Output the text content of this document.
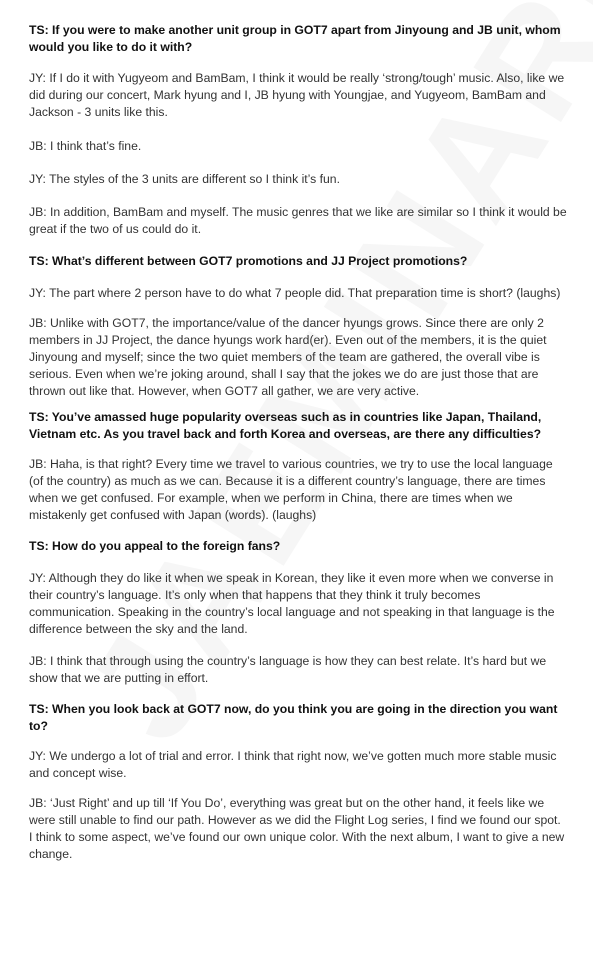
TS: If you were to make another unit group in GOT7 apart from Jinyoung and JB unit, whom would you like to do it with?

JY: If I do it with Yugyeom and BamBam, I think it would be really ‘strong/tough’ music. Also, like we did during our concert, Mark hyung and I, JB hyung with Youngjae, and Yugyeom, BamBam and Jackson - 3 units like this.

JB: I think that’s fine.

JY: The styles of the 3 units are different so I think it’s fun.

JB: In addition, BamBam and myself. The music genres that we like are similar so I think it would be great if the two of us could do it.

TS: What’s different between GOT7 promotions and JJ Project promotions?

JY: The part where 2 person have to do what 7 people did. That preparation time is short? (laughs)

JB: Unlike with GOT7, the importance/value of the dancer hyungs grows. Since there are only 2 members in JJ Project, the dance hyungs work hard(er). Even out of the members, it is the quiet Jinyoung and myself; since the two quiet members of the team are gathered, the overall vibe is serious. Even when we’re joking around, shall I say that the jokes we do are just those that are thrown out like that. However, when GOT7 all gather, we are very active.

TS: You’ve amassed huge popularity overseas such as in countries like Japan, Thailand, Vietnam etc. As you travel back and forth Korea and overseas, are there any difficulties?

JB: Haha, is that right? Every time we travel to various countries, we try to use the local language (of the country) as much as we can. Because it is a different country’s language, there are times when we get confused. For example, when we perform in China, there are times when we mistakenly get confused with Japan (words). (laughs)

TS: How do you appeal to the foreign fans?

JY: Although they do like it when we speak in Korean, they like it even more when we converse in their country’s language. It’s only when that happens that they think it truly becomes communication. Speaking in the country’s local language and not speaking in that language is the difference between the sky and the land.

JB: I think that through using the country’s language is how they can best relate. It’s hard but we show that we are putting in effort.

TS: When you look back at GOT7 now, do you think you are going in the direction you want to?

JY: We undergo a lot of trial and error. I think that right now, we’ve gotten much more stable music and concept wise.

JB: ‘Just Right’ and up till ‘If You Do’, everything was great but on the other hand, it feels like we were still unable to find our path. However as we did the Flight Log series, I find we found our spot. I think to some aspect, we’ve found our own unique color. With the next album, I want to give a new change.
